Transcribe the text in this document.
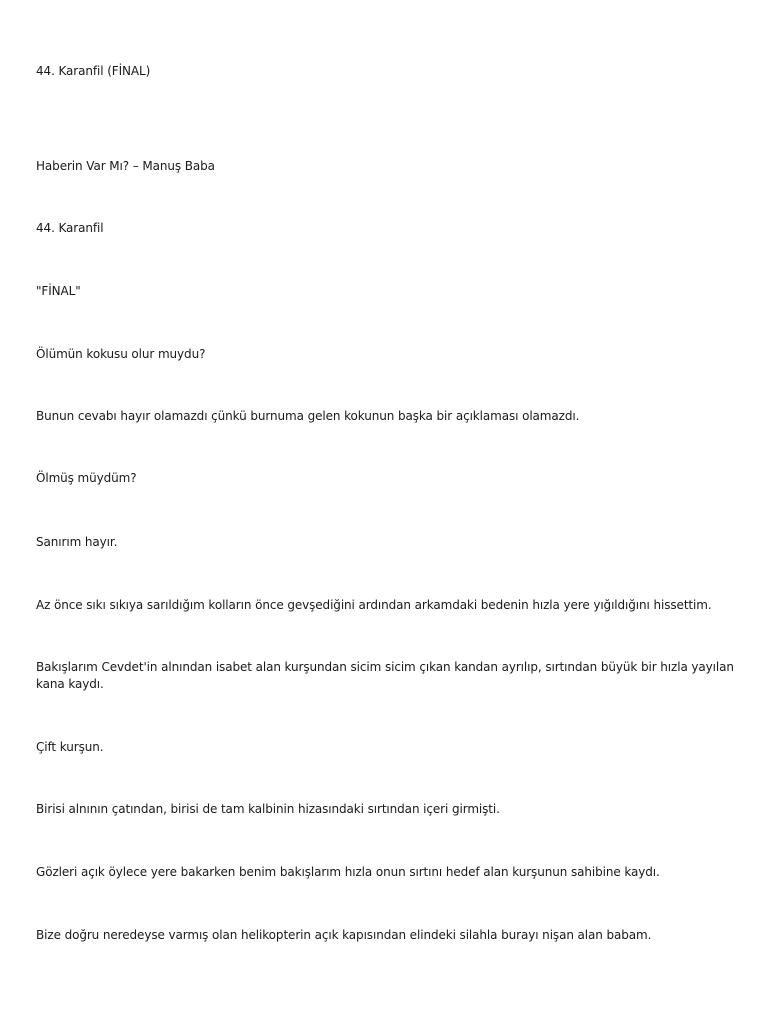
44. Karanfil (FİNAL)

Haberin Var Mı? – Manuş Baba

44. Karanfil

"FİNAL"

Ölümün kokusu olur muydu?

Bunun cevabı hayır olamazdı çünkü burnuma gelen kokunun başka bir açıklaması olamazdı.

Ölmüş müydüm?

Sanırım hayır.

Az önce sıkı sıkıya sarıldığım kolların önce gevşediğini ardından arkamdaki bedenin hızla yere yığıldığını hissettim.

Bakışlarım Cevdet'in alnından isabet alan kurşundan sicim sicim çıkan kandan ayrılıp, sırtından büyük bir hızla yayılan kana kaydı.

Çift kurşun.

Birisi alnının çatından, birisi de tam kalbinin hizasındaki sırtından içeri girmişti.

Gözleri açık öylece yere bakarken benim bakışlarım hızla onun sırtını hedef alan kurşunun sahibine kaydı.

Bize doğru neredeyse varmış olan helikopterin açık kapısından elindeki silahla burayı nişan alan babam.
